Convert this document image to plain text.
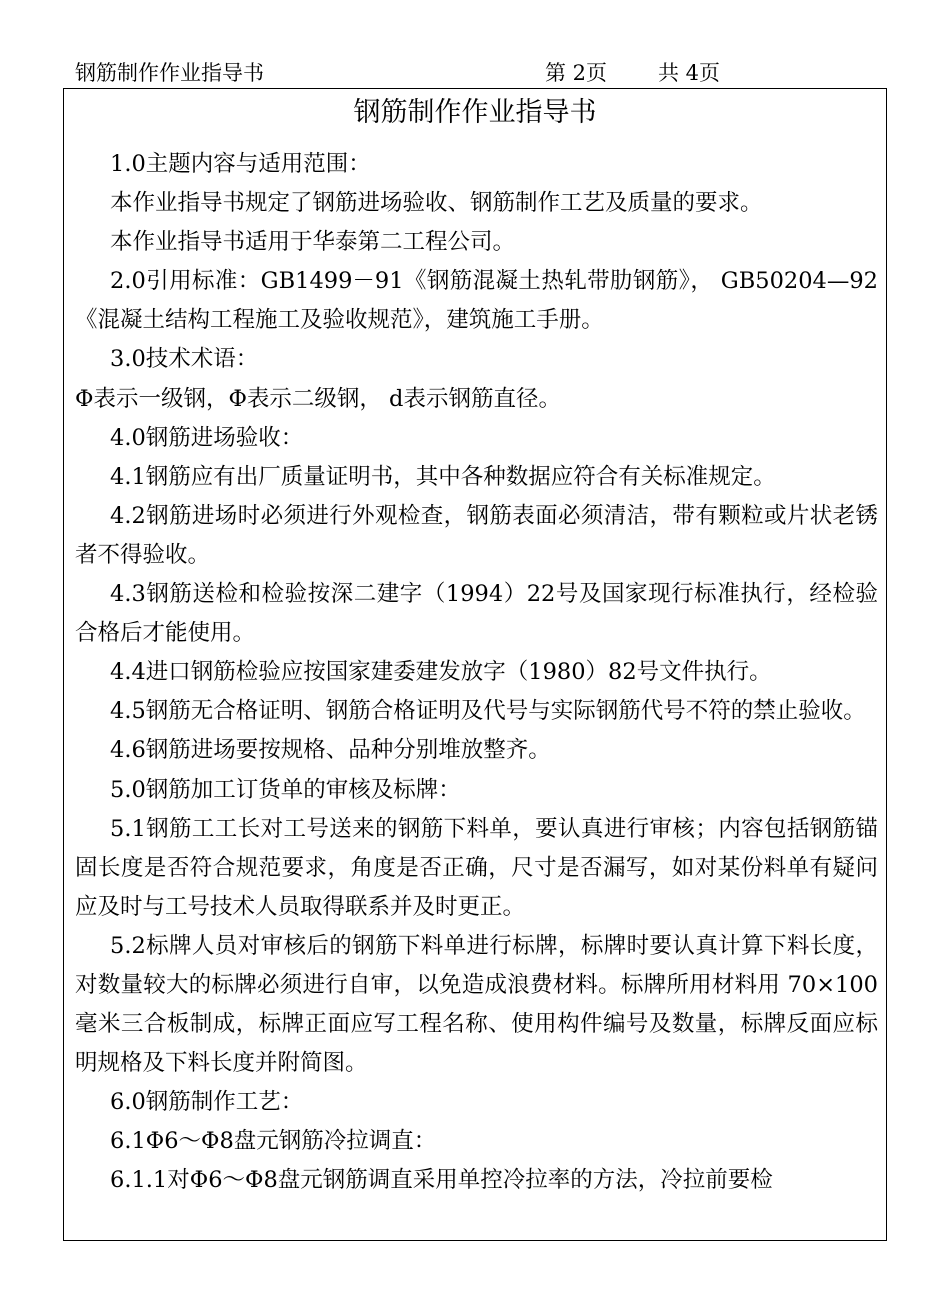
钢筋制作作业指导书	第 2页 共 4页
钢筋制作作业指导书

1.0主题内容与适用范围：

本作业指导书规定了钢筋进场验收、钢筋制作工艺及质量的要求。

本作业指导书适用于华泰第二工程公司。

2.0引用标准：GB1499－91《钢筋混凝土热轧带肋钢筋》， GB50204—92《混凝土结构工程施工及验收规范》，建筑施工手册。

3.0技术术语：

Φ表示一级钢，Φ表示二级钢， d表示钢筋直径。

4.0钢筋进场验收：

4.1钢筋应有出厂质量证明书，其中各种数据应符合有关标准规定。

4.2钢筋进场时必须进行外观检查，钢筋表面必须清洁，带有颗粒或片状老锈者不得验收。

4.3钢筋送检和检验按深二建字（1994）22号及国家现行标准执行，经检验合格后才能使用。

4.4进口钢筋检验应按国家建委建发放字（1980）82号文件执行。

4.5钢筋无合格证明、钢筋合格证明及代号与实际钢筋代号不符的禁止验收。

4.6钢筋进场要按规格、品种分别堆放整齐。

5.0钢筋加工订货单的审核及标牌：

5.1钢筋工工长对工号送来的钢筋下料单，要认真进行审核；内容包括钢筋锚固长度是否符合规范要求，角度是否正确，尺寸是否漏写，如对某份料单有疑问应及时与工号技术人员取得联系并及时更正。

5.2标牌人员对审核后的钢筋下料单进行标牌，标牌时要认真计算下料长度，对数量较大的标牌必须进行自审，以免造成浪费材料。标牌所用材料用 70×100毫米三合板制成，标牌正面应写工程名称、使用构件编号及数量，标牌反面应标明规格及下料长度并附简图。

6.0钢筋制作工艺：

6.1Φ6～Φ8盘元钢筋冷拉调直：

6.1.1对Φ6～Φ8盘元钢筋调直采用单控冷拉率的方法，冷拉前要检
